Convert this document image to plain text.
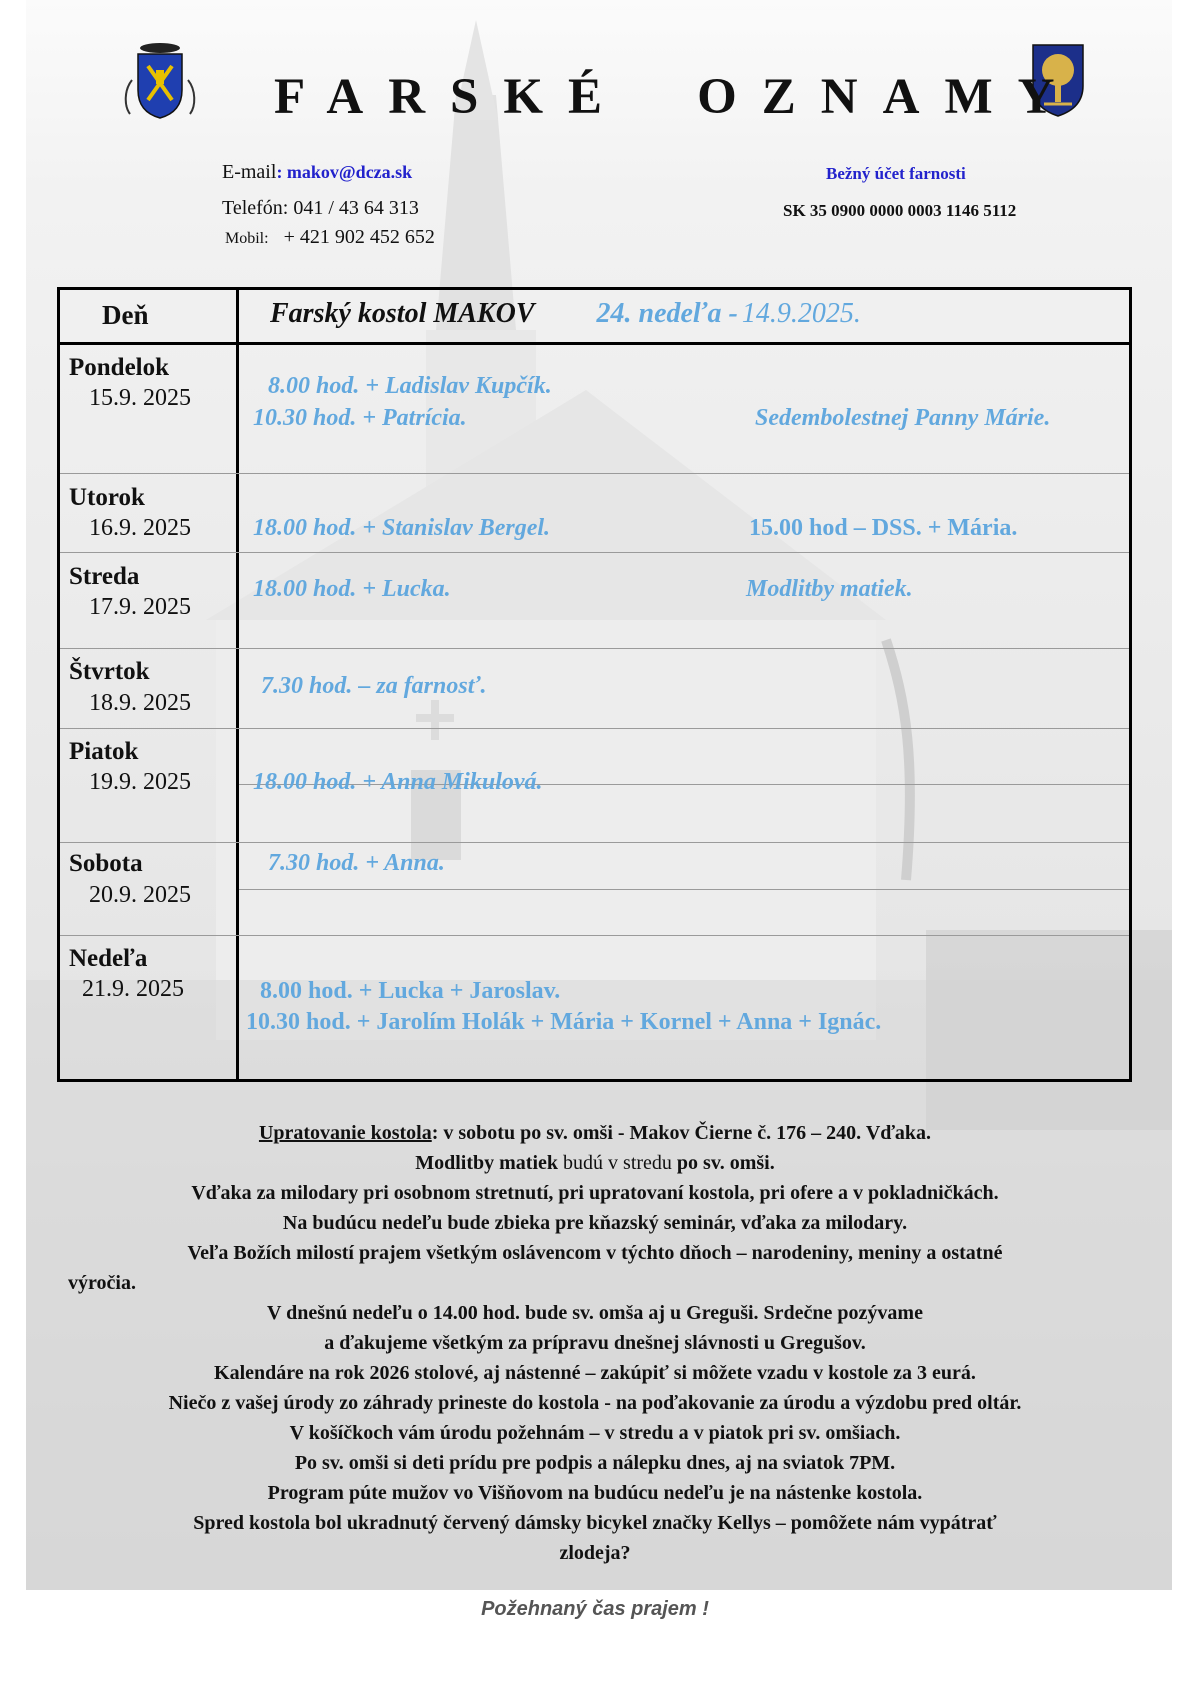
FARSKÉ OZNAMY
E-mail: makov@dcza.sk
Telefón: 041 / 43 64 313
Mobil: + 421 902 452 652
Bežný účet farnosti
SK 35 0900 0000 0003 1146 5112
Deň	Farský kostol MAKOV 24. nedeľa - 14.9.2025.
Pondelok
15.9. 2025	8.00 hod. + Ladislav Kupčík.
10.30 hod. + Patrícia.	Sedembolestnej Panny Márie.
Utorok
16.9. 2025	18.00 hod. + Stanislav Bergel.	15.00 hod – DSS. + Mária.
Streda
17.9. 2025
18.00 hod. + Lucka.	Modlitby matiek.
Štvrtok
18.9. 2025
7.30 hod. – za farnosť.
Piatok
19.9. 2025	18.00 hod. + Anna Mikulová.
Sobota
20.9. 2025
7.30 hod. + Anna.
Nedeľa
21.9. 2025	8.00 hod. + Lucka + Jaroslav.
10.30 hod. + Jarolím Holák + Mária + Kornel + Anna + Ignác.
Upratovanie kostola: v sobotu po sv. omši - Makov Čierne č. 176 – 240. Vďaka.
Modlitby matiek budú v stredu po sv. omši.
Vďaka za milodary pri osobnom stretnutí, pri upratovaní kostola, pri ofere a v pokladničkách.
Na budúcu nedeľu bude zbieka pre kňazský seminár, vďaka za milodary.
Veľa Božích milostí prajem všetkým oslávencom v týchto dňoch – narodeniny, meniny a ostatné
výročia.
V dnešnú nedeľu o 14.00 hod. bude sv. omša aj u Greguši. Srdečne pozývame
a ďakujeme všetkým za prípravu dnešnej slávnosti u Gregušov.
Kalendáre na rok 2026 stolové, aj nástenné – zakúpiť si môžete vzadu v kostole za 3 eurá.
Niečo z vašej úrody zo záhrady prineste do kostola - na poďakovanie za úrodu a výzdobu pred oltár.
V košíčkoch vám úrodu požehnám – v stredu a v piatok pri sv. omšiach.
Po sv. omši si deti prídu pre podpis a nálepku dnes, aj na sviatok 7PM.
Program púte mužov vo Višňovom na budúcu nedeľu je na nástenke kostola.
Spred kostola bol ukradnutý červený dámsky bicykel značky Kellys – pomôžete nám vypátrať
zlodeja?
Požehnaný čas prajem !
